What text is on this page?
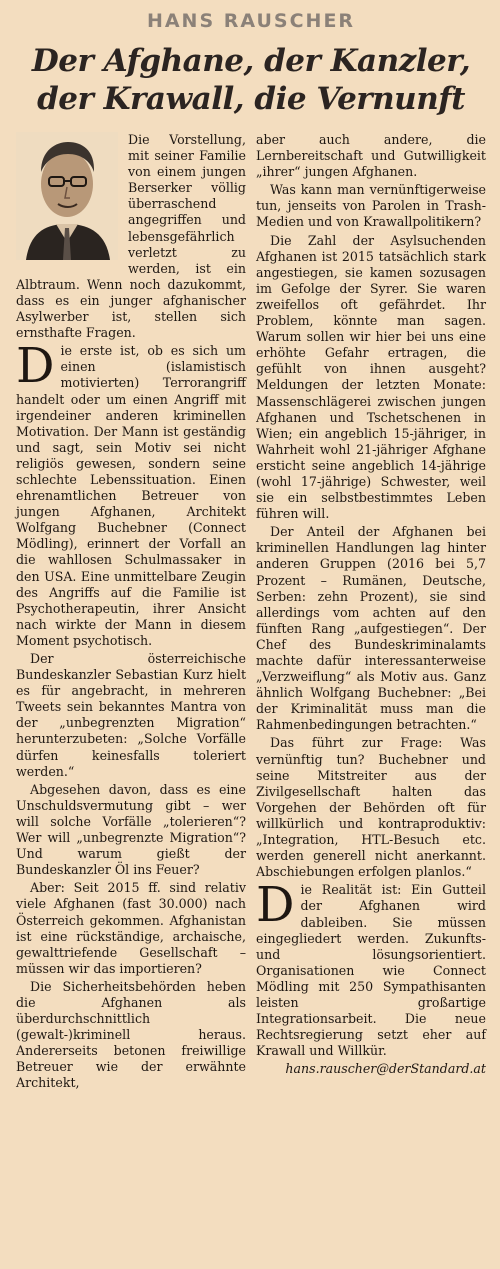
HANS RAUSCHER
Der Afghane, der Kanzler,
der Krawall, die Vernunft

Die Vorstellung, mit seiner Familie von einem jungen Berserker völlig überraschend angegriffen und lebensgefährlich verletzt zu werden, ist ein Albtraum. Wenn noch dazukommt, dass es ein junger afghanischer Asylwerber ist, stellen sich ernsthafte Fragen.

Die erste ist, ob es sich um einen (islamistisch motivierten) Terrorangriff handelt oder um einen Angriff mit irgendeiner anderen kriminellen Motivation. Der Mann ist geständig und sagt, sein Motiv sei nicht religiös gewesen, sondern seine schlechte Lebenssituation. Einen ehrenamtlichen Betreuer von jungen Afghanen, Architekt Wolfgang Buchebner (Connect Mödling), erinnert der Vorfall an die wahllosen Schulmassaker in den USA. Eine unmittelbare Zeugin des Angriffs auf die Familie ist Psychotherapeutin, ihrer Ansicht nach wirkte der Mann in diesem Moment psychotisch.

Der österreichische Bundeskanzler Sebastian Kurz hielt es für angebracht, in mehreren Tweets sein bekanntes Mantra von der „unbegrenzten Migration“ herunterzubeten: „Solche Vorfälle dürfen keinesfalls toleriert werden.“

Abgesehen davon, dass es eine Unschuldsvermutung gibt – wer will solche Vorfälle „tolerieren“? Wer will „unbegrenzte Migration“? Und warum gießt der Bundeskanzler Öl ins Feuer?

Aber: Seit 2015 ff. sind relativ viele Afghanen (fast 30.000) nach Österreich gekommen. Afghanistan ist eine rückständige, archaische, gewalttriefende Gesellschaft – müssen wir das importieren?

Die Sicherheitsbehörden heben die Afghanen als überdurchschnittlich (gewalt-)kriminell heraus. Andererseits betonen freiwillige Betreuer wie der erwähnte Architekt,

aber auch andere, die Lernbereitschaft und Gutwilligkeit „ihrer“ jungen Afghanen.

Was kann man vernünftigerweise tun, jenseits von Parolen in Trash-Medien und von Krawallpolitikern?

Die Zahl der Asylsuchenden Afghanen ist 2015 tatsächlich stark angestiegen, sie kamen sozusagen im Gefolge der Syrer. Sie waren zweifellos oft gefährdet. Ihr Problem, könnte man sagen. Warum sollen wir hier bei uns eine erhöhte Gefahr ertragen, die gefühlt von ihnen ausgeht? Meldungen der letzten Monate: Massenschlägerei zwischen jungen Afghanen und Tschetschenen in Wien; ein angeblich 15-jähriger, in Wahrheit wohl 21-jähriger Afghane ersticht seine angeblich 14-jährige (wohl 17-jährige) Schwester, weil sie ein selbstbestimmtes Leben führen will.

Der Anteil der Afghanen bei kriminellen Handlungen lag hinter anderen Gruppen (2016 bei 5,7 Prozent – Rumänen, Deutsche, Serben: zehn Prozent), sie sind allerdings vom achten auf den fünften Rang „aufgestiegen“. Der Chef des Bundeskriminalamts machte dafür interessanterweise „Verzweiflung“ als Motiv aus. Ganz ähnlich Wolfgang Buchebner: „Bei der Kriminalität muss man die Rahmenbedingungen betrachten.“

Das führt zur Frage: Was vernünftig tun? Buchebner und seine Mitstreiter aus der Zivilgesellschaft halten das Vorgehen der Behörden oft für willkürlich und kontraproduktiv: „Integration, HTL-Besuch etc. werden generell nicht anerkannt. Abschiebungen erfolgen planlos.“

Die Realität ist: Ein Gutteil der Afghanen wird dableiben. Sie müssen eingegliedert werden. Zukunfts- und lösungsorientiert. Organisationen wie Connect Mödling mit 250 Sympathisanten leisten großartige Integrationsarbeit. Die neue Rechtsregierung setzt eher auf Krawall und Willkür.

hans.rauscher@derStandard.at
